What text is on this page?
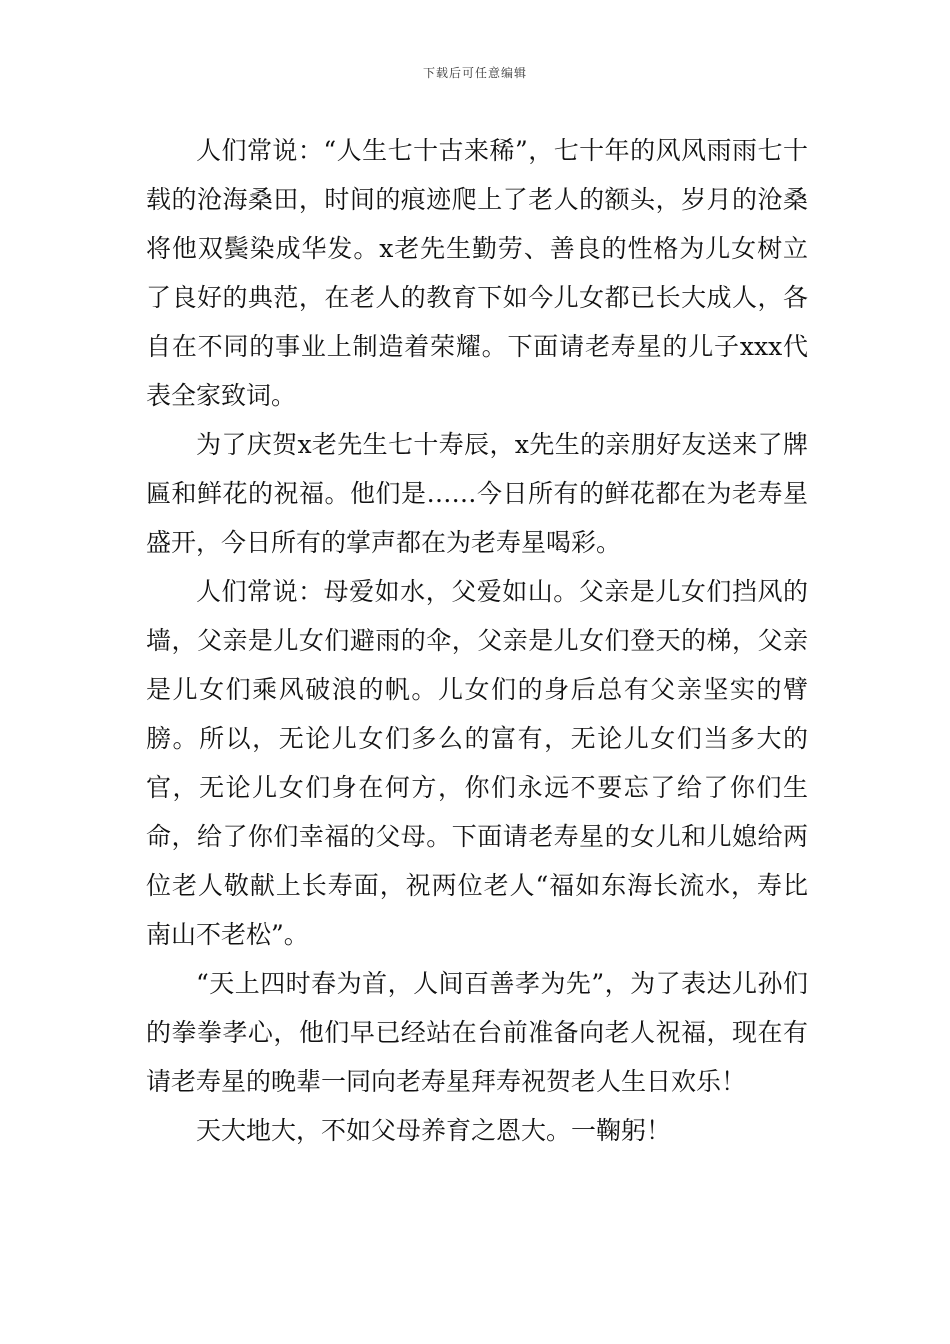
下载后可任意编辑

人们常说：“人生七十古来稀”，七十年的风风雨雨七十载的沧海桑田，时间的痕迹爬上了老人的额头，岁月的沧桑将他双鬓染成华发。x老先生勤劳、善良的性格为儿女树立了良好的典范，在老人的教育下如今儿女都已长大成人，各自在不同的事业上制造着荣耀。下面请老寿星的儿子xxx代表全家致词。

为了庆贺x老先生七十寿辰，x先生的亲朋好友送来了牌匾和鲜花的祝福。他们是……今日所有的鲜花都在为老寿星盛开，今日所有的掌声都在为老寿星喝彩。

人们常说：母爱如水，父爱如山。父亲是儿女们挡风的墙，父亲是儿女们避雨的伞，父亲是儿女们登天的梯，父亲是儿女们乘风破浪的帆。儿女们的身后总有父亲坚实的臂膀。所以，无论儿女们多么的富有，无论儿女们当多大的官，无论儿女们身在何方，你们永远不要忘了给了你们生命，给了你们幸福的父母。下面请老寿星的女儿和儿媳给两位老人敬献上长寿面，祝两位老人“福如东海长流水，寿比南山不老松”。

“天上四时春为首，人间百善孝为先”，为了表达儿孙们的拳拳孝心，他们早已经站在台前准备向老人祝福，现在有请老寿星的晚辈一同向老寿星拜寿祝贺老人生日欢乐！

天大地大，不如父母养育之恩大。一鞠躬！
